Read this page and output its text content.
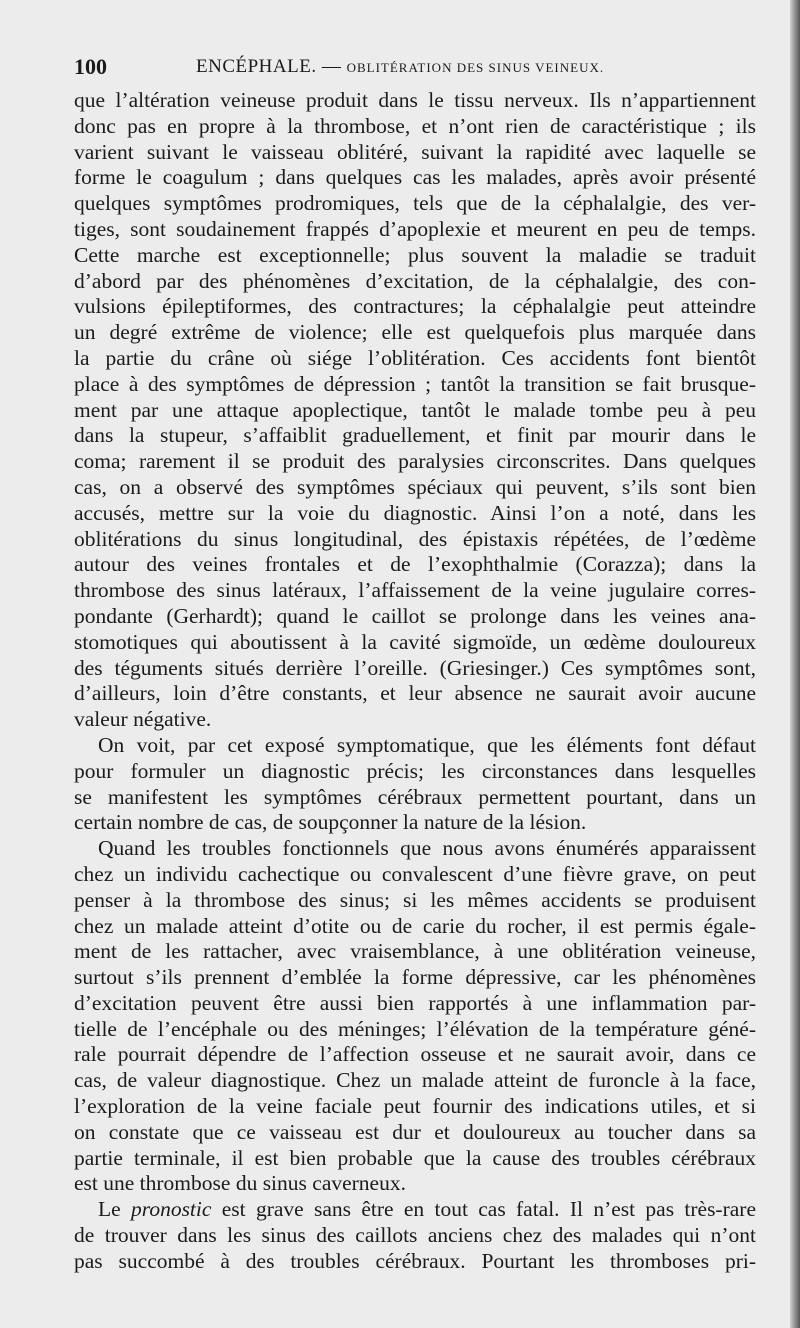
100	ENCÉPHALE. — OBLITÉRATION DES SINUS VEINEUX.

que l’altération veineuse produit dans le tissu nerveux. Ils n’appartiennent
donc pas en propre à la thrombose, et n’ont rien de caractéristique ; ils
varient suivant le vaisseau oblitéré, suivant la rapidité avec laquelle se
forme le coagulum ; dans quelques cas les malades, après avoir présenté
quelques symptômes prodromiques, tels que de la céphalalgie, des ver-
tiges, sont soudainement frappés d’apoplexie et meurent en peu de temps.
Cette marche est exceptionnelle; plus souvent la maladie se traduit
d’abord par des phénomènes d’excitation, de la céphalalgie, des con-
vulsions épileptiformes, des contractures; la céphalalgie peut atteindre
un degré extrême de violence; elle est quelquefois plus marquée dans
la partie du crâne où siége l’oblitération. Ces accidents font bientôt
place à des symptômes de dépression ; tantôt la transition se fait brusque-
ment par une attaque apoplectique, tantôt le malade tombe peu à peu
dans la stupeur, s’affaiblit graduellement, et finit par mourir dans le
coma; rarement il se produit des paralysies circonscrites. Dans quelques
cas, on a observé des symptômes spéciaux qui peuvent, s’ils sont bien
accusés, mettre sur la voie du diagnostic. Ainsi l’on a noté, dans les
oblitérations du sinus longitudinal, des épistaxis répétées, de l’œdème
autour des veines frontales et de l’exophthalmie (Corazza); dans la
thrombose des sinus latéraux, l’affaissement de la veine jugulaire corres-
pondante (Gerhardt); quand le caillot se prolonge dans les veines ana-
stomotiques qui aboutissent à la cavité sigmoïde, un œdème douloureux
des téguments situés derrière l’oreille. (Griesinger.) Ces symptômes sont,
d’ailleurs, loin d’être constants, et leur absence ne saurait avoir aucune
valeur négative.

On voit, par cet exposé symptomatique, que les éléments font défaut
pour formuler un diagnostic précis; les circonstances dans lesquelles
se manifestent les symptômes cérébraux permettent pourtant, dans un
certain nombre de cas, de soupçonner la nature de la lésion.

Quand les troubles fonctionnels que nous avons énumérés apparaissent
chez un individu cachectique ou convalescent d’une fièvre grave, on peut
penser à la thrombose des sinus; si les mêmes accidents se produisent
chez un malade atteint d’otite ou de carie du rocher, il est permis égale-
ment de les rattacher, avec vraisemblance, à une oblitération veineuse,
surtout s’ils prennent d’emblée la forme dépressive, car les phénomènes
d’excitation peuvent être aussi bien rapportés à une inflammation par-
tielle de l’encéphale ou des méninges; l’élévation de la température géné-
rale pourrait dépendre de l’affection osseuse et ne saurait avoir, dans ce
cas, de valeur diagnostique. Chez un malade atteint de furoncle à la face,
l’exploration de la veine faciale peut fournir des indications utiles, et si
on constate que ce vaisseau est dur et douloureux au toucher dans sa
partie terminale, il est bien probable que la cause des troubles cérébraux
est une thrombose du sinus caverneux.

Le pronostic est grave sans être en tout cas fatal. Il n’est pas très-rare
de trouver dans les sinus des caillots anciens chez des malades qui n’ont
pas succombé à des troubles cérébraux. Pourtant les thromboses pri-
